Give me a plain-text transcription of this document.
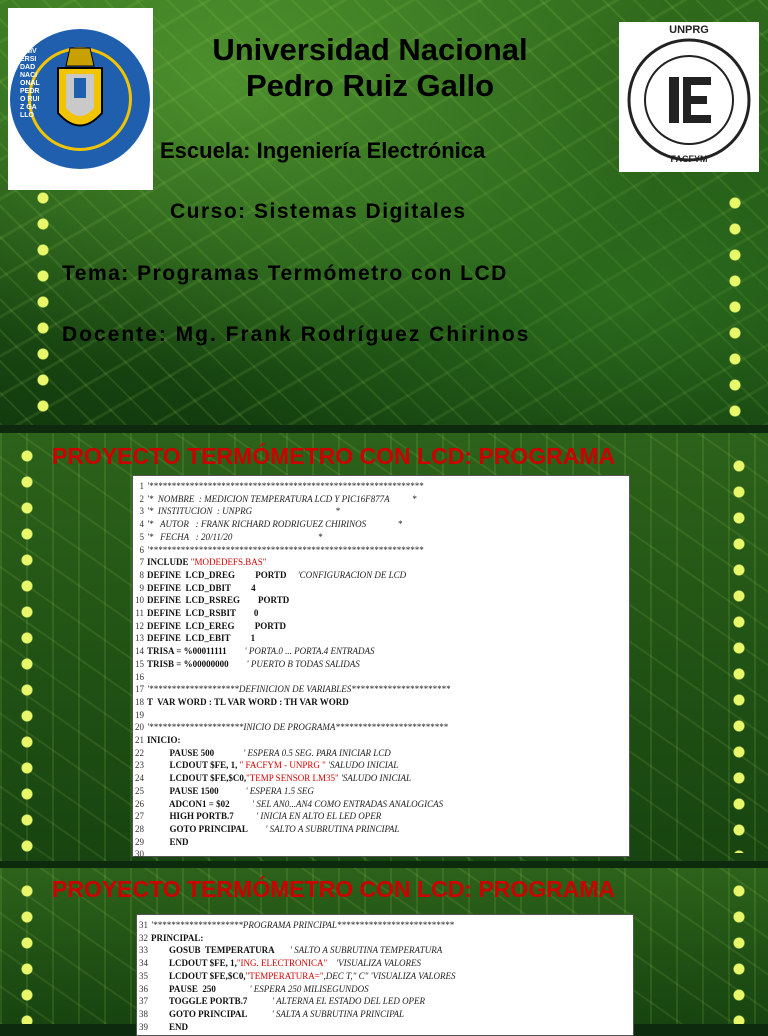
LAMBAYEQUE
UNIVERSIDAD NACIONAL PEDRO RUIZ GALLO
UNPRG
FACFYM
ESCUELA PROFESIONAL DE INGENIERIA ELECTRONICA
Universidad Nacional
Pedro Ruiz Gallo
Escuela: Ingeniería Electrónica
Curso: Sistemas Digitales
Tema: Programas Termómetro con LCD
Docente: Mg. Frank Rodríguez Chirinos
PROYECTO TERMÓMETRO CON LCD: PROGRAMA
1 '*************************************************************
2 '*  NOMBRE  : MEDICION TEMPERATURA LCD Y PIC16F877A          *
3 '*  INSTITUCION  : UNPRG                                     *
4 '*   AUTOR   : FRANK RICHARD RODRIGUEZ CHIRINOS              *
5 '*   FECHA   : 20/11/20                                      *
6 '*************************************************************
7 INCLUDE "MODEDEFS.BAS"
8 DEFINE  LCD_DREG         PORTD     'CONFIGURACION DE LCD
9 DEFINE  LCD_DBIT         4
10 DEFINE  LCD_RSREG        PORTD
11 DEFINE  LCD_RSBIT        0
12 DEFINE  LCD_EREG         PORTD
13 DEFINE  LCD_EBIT         1
14 TRISA = %00011111        ' PORTA.0 ... PORTA.4 ENTRADAS
15 TRISB = %00000000        ' PUERTO B TODAS SALIDAS
16
17 '********************DEFINICION DE VARIABLES**********************
18 T  VAR WORD : TL VAR WORD : TH VAR WORD
19
20 '*********************INICIO DE PROGRAMA*************************
21 INICIO:
22          PAUSE 500             ' ESPERA 0.5 SEG. PARA INICIAR LCD
23          LCDOUT $FE, 1, " FACFYM - UNPRG " 'SALUDO INICIAL
24          LCDOUT $FE,$C0,"TEMP SENSOR LM35" 'SALUDO INICIAL
25          PAUSE 1500            ' ESPERA 1.5 SEG
26          ADCON1 = $02          ' SEL AN0...AN4 COMO ENTRADAS ANALOGICAS
27          HIGH PORTB.7          ' INICIA EN ALTO EL LED OPER
28          GOTO PRINCIPAL        ' SALTO A SUBRUTINA PRINCIPAL
29          END
30
PROYECTO TERMÓMETRO CON LCD: PROGRAMA
31 '********************PROGRAMA PRINCIPAL**************************
32 PRINCIPAL:
33        GOSUB  TEMPERATURA       ' SALTO A SUBRUTINA TEMPERATURA
34        LCDOUT $FE, 1,"ING. ELECTRONICA"    'VISUALIZA VALORES
35        LCDOUT $FE,$C0,"TEMPERATURA=",DEC T," C" 'VISUALIZA VALORES
36        PAUSE  250               ' ESPERA 250 MILISEGUNDOS
37        TOGGLE PORTB.7           ' ALTERNA EL ESTADO DEL LED OPER
38        GOTO PRINCIPAL           ' SALTA A SUBRUTINA PRINCIPAL
39        END
